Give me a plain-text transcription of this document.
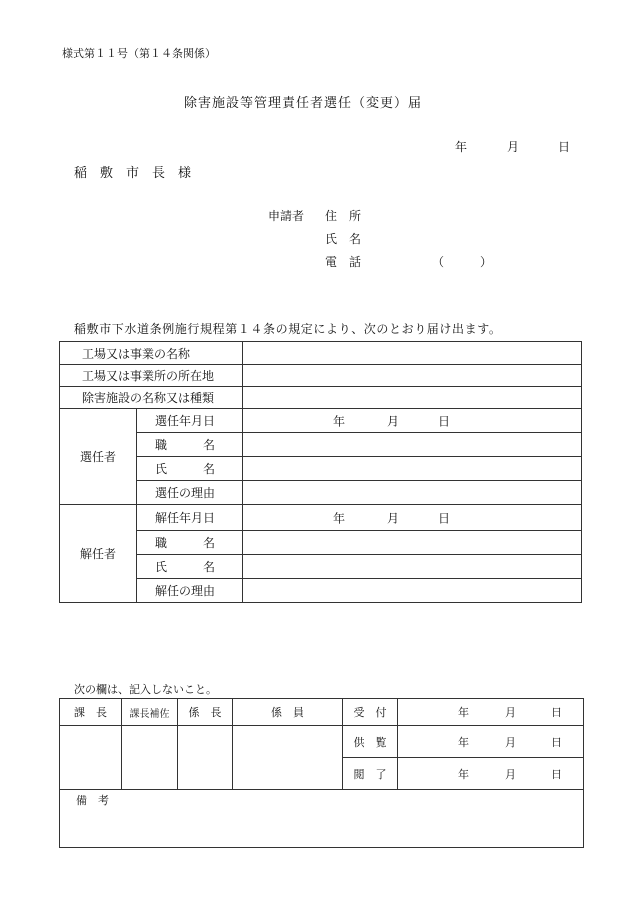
様式第１１号（第１４条関係）
除害施設等管理責任者選任（変更）届
年	月	日
稲　敷　市　長　様
申請者 住　所
氏　名
電　話	（　　　）
稲敷市下水道条例施行規程第１４条の規定により、次のとおり届け出ます。
工場又は事業の名称		
工場又は事業所の所在地		
除害施設の名称又は種類		
選任者	選任年月日	年 月 日

	職　　　名	
	氏　　　名	
	選任の理由	
解任者	解任年月日	年 月 日

	職　　　名	
	氏　　　名	
	解任の理由	
次の欄は、記入しないこと。
課　長	課長補佐	係　長	係　員	受　付	年 月 日

				供　覧	年 月 日

				閲　了	年 月 日

備　考					
